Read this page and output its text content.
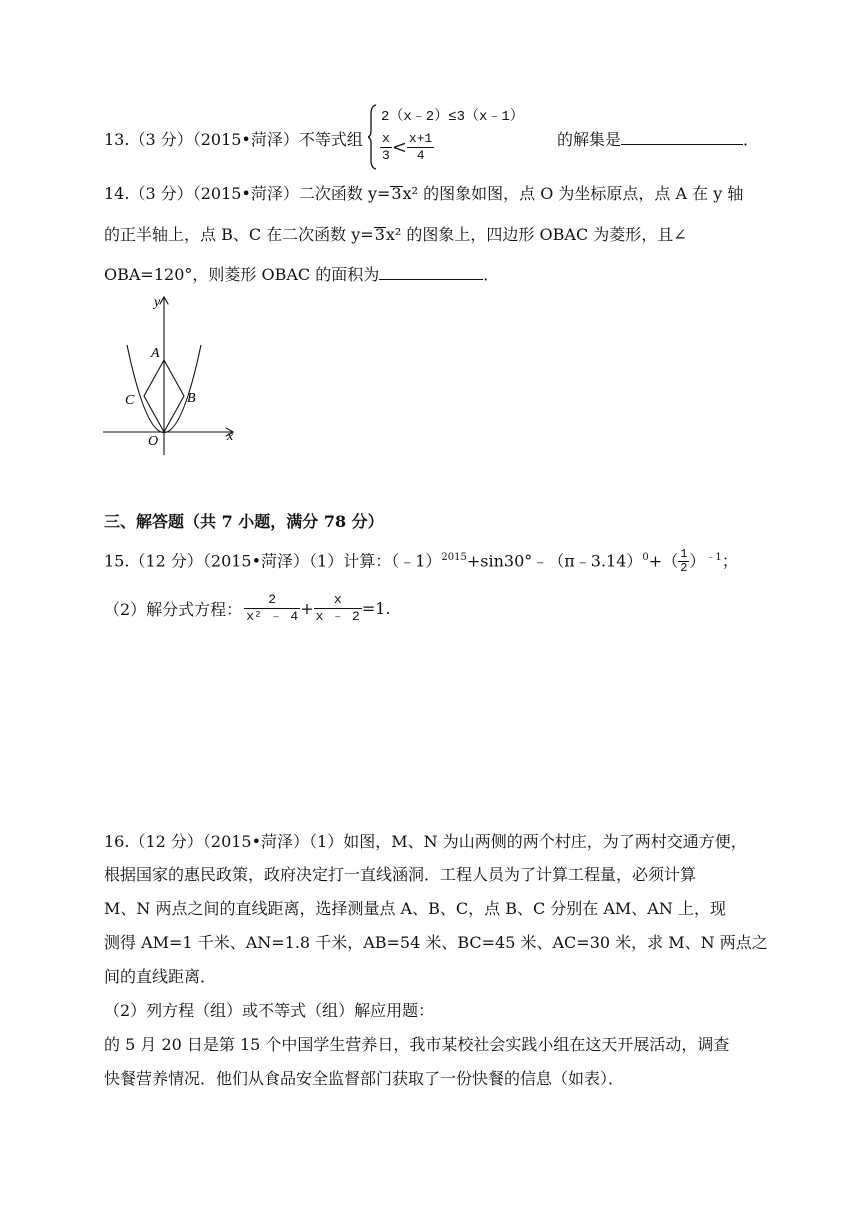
13.（3 分）（2015•菏泽）不等式组
2（x﹣2）≤3（x﹣1）
$\frac{x}{3} < \frac{x+1}{4}$	的解集是	．
14.（3 分）（2015•菏泽）二次函数 y=3x² 的图象如图，点 O 为坐标原点，点 A 在 y 轴
的正半轴上，点 B、C 在二次函数 y=3x² 的图象上，四边形 OBAC 为菱形，且∠
OBA=120°，则菱形 OBAC 的面积为	．
y
x
A
B
C
O
三、解答题（共 7 小题，满分 78 分）
15.（12 分）（2015•菏泽）（1）计算：（﹣1）$^{2015}$+sin30°﹣（π﹣3.14）$^0$+（ $\frac{1}{2} )^{﹣1}$；
（2）解分式方程： $\frac{2}{\text{x² ﹣ 4}} + \frac{x}{x ﹣ 2} =1$.
16.（12 分）（2015•菏泽）（1）如图，M、N 为山两侧的两个村庄，为了两村交通方便，
根据国家的惠民政策，政府决定打一直线涵洞．工程人员为了计算工程量，必须计算
M、N 两点之间的直线距离，选择测量点 A、B、C，点 B、C 分别在 AM、AN 上，现
测得 AM=1 千米、AN=1.8 千米，AB=54 米、BC=45 米、AC=30 米，求 M、N 两点之
间的直线距离．
（2）列方程（组）或不等式（组）解应用题：
的 5 月 20 日是第 15 个中国学生营养日，我市某校社会实践小组在这天开展活动，调查
快餐营养情况．他们从食品安全监督部门获取了一份快餐的信息（如表）．
